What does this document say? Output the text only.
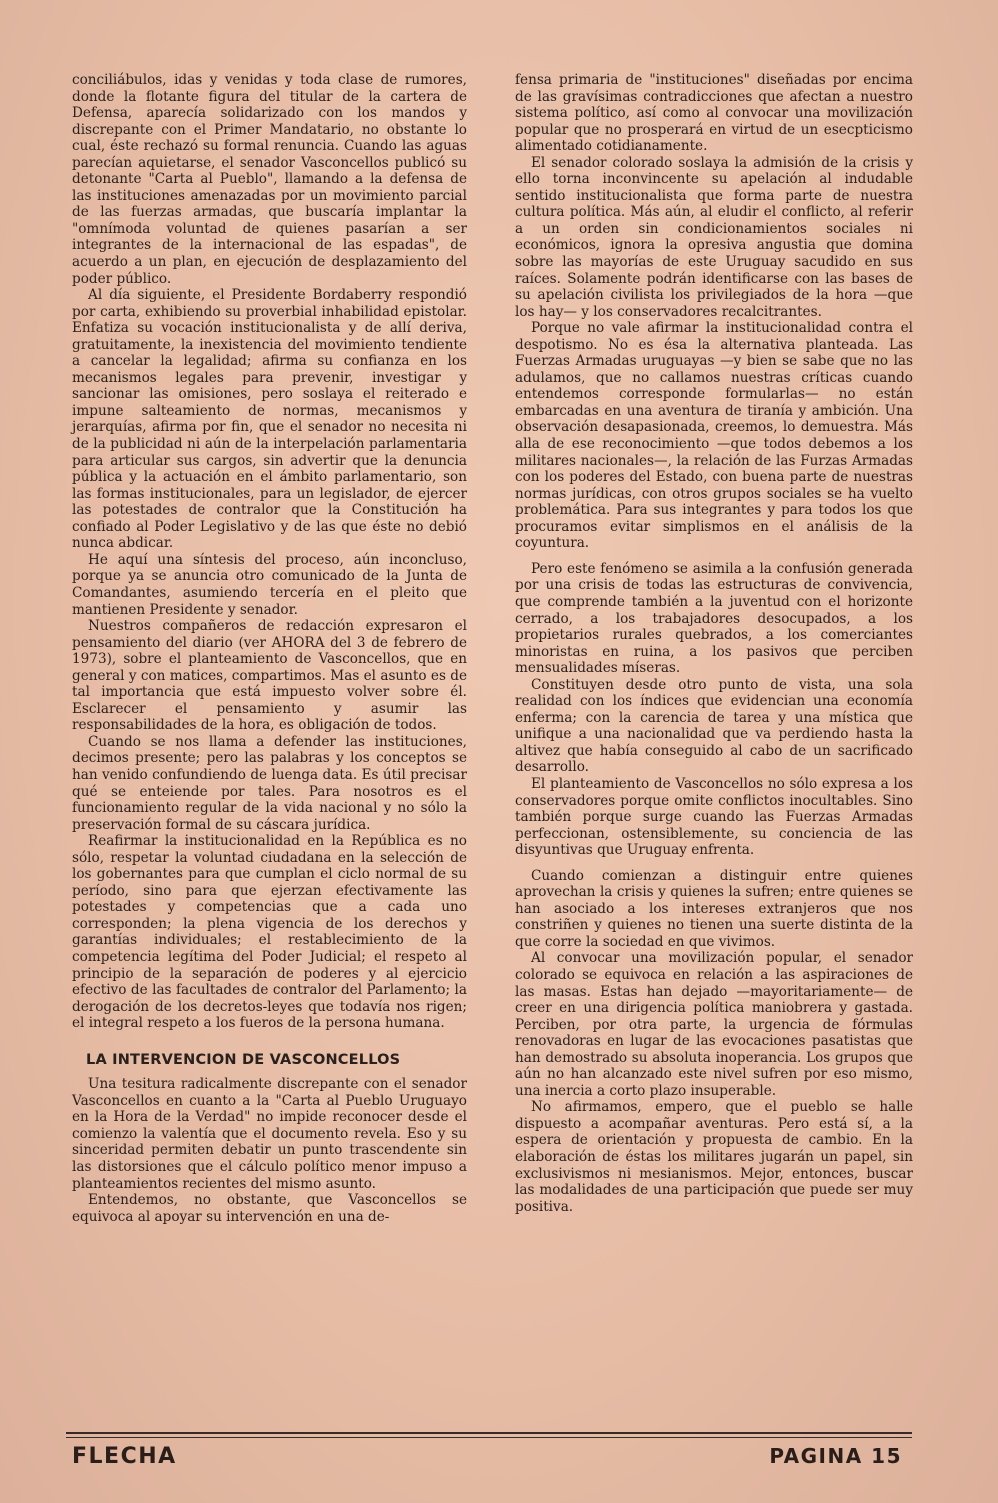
conciliábulos, idas y venidas y toda clase de rumores, donde la flotante figura del titular de la cartera de Defensa, aparecía solidarizado con los mandos y discrepante con el Primer Mandatario, no obstante lo cual, éste rechazó su formal renuncia. Cuando las aguas parecían aquietarse, el senador Vasconcellos publicó su detonante "Carta al Pueblo", llamando a la defensa de las instituciones amenazadas por un movimiento parcial de las fuerzas armadas, que buscaría implantar la "omnímoda voluntad de quienes pasarían a ser integrantes de la internacional de las espadas", de acuerdo a un plan, en ejecución de desplazamiento del poder público.

Al día siguiente, el Presidente Bordaberry respondió por carta, exhibiendo su proverbial inhabilidad epistolar. Enfatiza su vocación institucionalista y de allí deriva, gratuitamente, la inexistencia del movimiento tendiente a cancelar la legalidad; afirma su confianza en los mecanismos legales para prevenir, investigar y sancionar las omisiones, pero soslaya el reiterado e impune salteamiento de normas, mecanismos y jerarquías, afirma por fin, que el senador no necesita ni de la publicidad ni aún de la interpelación parlamentaria para articular sus cargos, sin advertir que la denuncia pública y la actuación en el ámbito parlamentario, son las formas institucionales, para un legislador, de ejercer las potestades de contralor que la Constitución ha confiado al Poder Legislativo y de las que éste no debió nunca abdicar.

He aquí una síntesis del proceso, aún inconcluso, porque ya se anuncia otro comunicado de la Junta de Comandantes, asumiendo tercería en el pleito que mantienen Presidente y senador.

Nuestros compañeros de redacción expresaron el pensamiento del diario (ver AHORA del 3 de febrero de 1973), sobre el planteamiento de Vasconcellos, que en general y con matices, compartimos. Mas el asunto es de tal importancia que está impuesto volver sobre él. Esclarecer el pensamiento y asumir las responsabilidades de la hora, es obligación de todos.

Cuando se nos llama a defender las instituciones, decimos presente; pero las palabras y los conceptos se han venido confundiendo de luenga data. Es útil precisar qué se enteiende por tales. Para nosotros es el funcionamiento regular de la vida nacional y no sólo la preservación formal de su cáscara jurídica.

Reafirmar la institucionalidad en la República es no sólo, respetar la voluntad ciudadana en la selección de los gobernantes para que cumplan el ciclo normal de su período, sino para que ejerzan efectivamente las potestades y competencias que a cada uno corresponden; la plena vigencia de los derechos y garantías individuales; el restablecimiento de la competencia legítima del Poder Judicial; el respeto al principio de la separación de poderes y al ejercicio efectivo de las facultades de contralor del Parlamento; la derogación de los decretos-leyes que todavía nos rigen; el integral respeto a los fueros de la persona humana.

LA INTERVENCION DE VASCONCELLOS

Una tesitura radicalmente discrepante con el senador Vasconcellos en cuanto a la "Carta al Pueblo Uruguayo en la Hora de la Verdad" no impide reconocer desde el comienzo la valentía que el documento revela. Eso y su sinceridad permiten debatir un punto trascendente sin las distorsiones que el cálculo político menor impuso a planteamientos recientes del mismo asunto.

Entendemos, no obstante, que Vasconcellos se equivoca al apoyar su intervención en una de-

fensa primaria de "instituciones" diseñadas por encima de las gravísimas contradicciones que afectan a nuestro sistema político, así como al convocar una movilización popular que no prosperará en virtud de un esecpticismo alimentado cotidianamente.

El senador colorado soslaya la admisión de la crisis y ello torna inconvincente su apelación al indudable sentido institucionalista que forma parte de nuestra cultura política. Más aún, al eludir el conflicto, al referir a un orden sin condicionamientos sociales ni económicos, ignora la opresiva angustia que domina sobre las mayorías de este Uruguay sacudido en sus raíces. Solamente podrán identificarse con las bases de su apelación civilista los privilegiados de la hora —que los hay— y los conservadores recalcitrantes.

Porque no vale afirmar la institucionalidad contra el despotismo. No es ésa la alternativa planteada. Las Fuerzas Armadas uruguayas —y bien se sabe que no las adulamos, que no callamos nuestras críticas cuando entendemos corresponde formularlas— no están embarcadas en una aventura de tiranía y ambición. Una observación desapasionada, creemos, lo demuestra. Más alla de ese reconocimiento —que todos debemos a los militares nacionales—, la relación de las Furzas Armadas con los poderes del Estado, con buena parte de nuestras normas jurídicas, con otros grupos sociales se ha vuelto problemática. Para sus integrantes y para todos los que procuramos evitar simplismos en el análisis de la coyuntura.

Pero este fenómeno se asimila a la confusión generada por una crisis de todas las estructuras de convivencia, que comprende también a la juventud con el horizonte cerrado, a los trabajadores desocupados, a los propietarios rurales quebrados, a los comerciantes minoristas en ruina, a los pasivos que perciben mensualidades míseras.

Constituyen desde otro punto de vista, una sola realidad con los índices que evidencian una economía enferma; con la carencia de tarea y una mística que unifique a una nacionalidad que va perdiendo hasta la altivez que había conseguido al cabo de un sacrificado desarrollo.

El planteamiento de Vasconcellos no sólo expresa a los conservadores porque omite conflictos inocultables. Sino también porque surge cuando las Fuerzas Armadas perfeccionan, ostensiblemente, su conciencia de las disyuntivas que Uruguay enfrenta.

Cuando comienzan a distinguir entre quienes aprovechan la crisis y quienes la sufren; entre quienes se han asociado a los intereses extranjeros que nos constriñen y quienes no tienen una suerte distinta de la que corre la sociedad en que vivimos.

Al convocar una movilización popular, el senador colorado se equivoca en relación a las aspiraciones de las masas. Estas han dejado —mayoritariamente— de creer en una dirigencia política maniobrera y gastada. Perciben, por otra parte, la urgencia de fórmulas renovadoras en lugar de las evocaciones pasatistas que han demostrado su absoluta inoperancia. Los grupos que aún no han alcanzado este nivel sufren por eso mismo, una inercia a corto plazo insuperable.

No afirmamos, empero, que el pueblo se halle dispuesto a acompañar aventuras. Pero está sí, a la espera de orientación y propuesta de cambio. En la elaboración de éstas los militares jugarán un papel, sin exclusivismos ni mesianismos. Mejor, entonces, buscar las modalidades de una participación que puede ser muy positiva.

FLECHA	PAGINA 15
